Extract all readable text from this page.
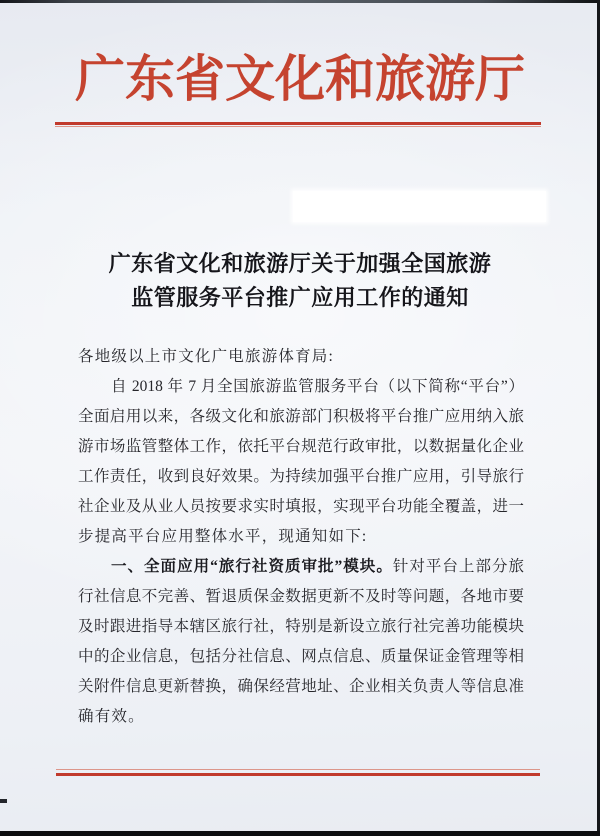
广东省文化和旅游厅
广东省文化和旅游厅关于加强全国旅游
监管服务平台推广应用工作的通知
各地级以上市文化广电旅游体育局:
自 2018 年 7 月全国旅游监管服务平台（以下简称“平台”）
全面启用以来，各级文化和旅游部门积极将平台推广应用纳入旅
游市场监管整体工作，依托平台规范行政审批，以数据量化企业
工作责任，收到良好效果。为持续加强平台推广应用，引导旅行
社企业及从业人员按要求实时填报，实现平台功能全覆盖，进一
步提高平台应用整体水平，现通知如下:
一、全面应用“旅行社资质审批”模块。针对平台上部分旅
行社信息不完善、暂退质保金数据更新不及时等问题，各地市要
及时跟进指导本辖区旅行社，特别是新设立旅行社完善功能模块
中的企业信息，包括分社信息、网点信息、质量保证金管理等相
关附件信息更新替换，确保经营地址、企业相关负责人等信息准
确有效。
